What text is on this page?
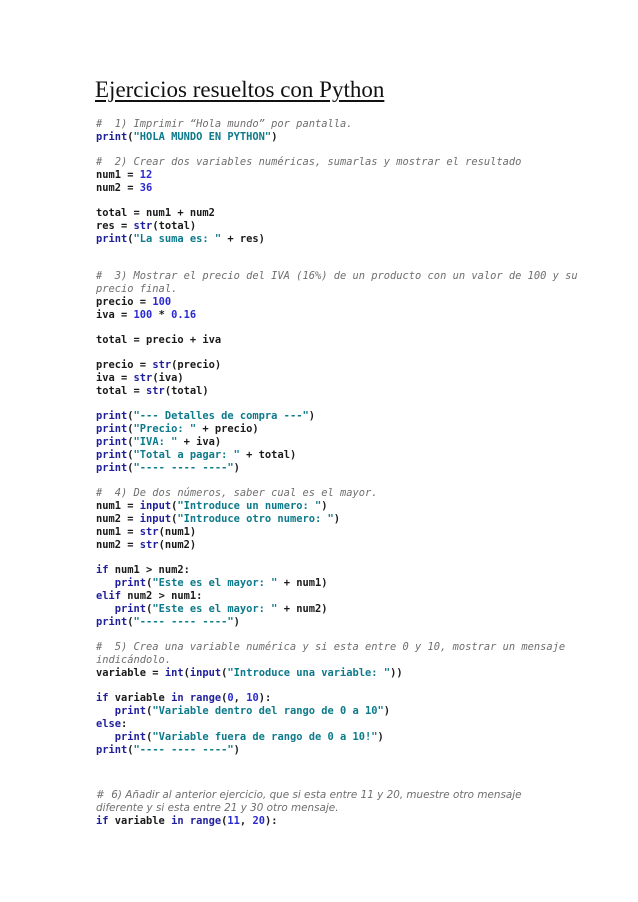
Ejercicios resueltos con Python
#  1) Imprimir “Hola mundo” por pantalla.
print("HOLA MUNDO EN PYTHON")
#  2) Crear dos variables numéricas, sumarlas y mostrar el resultado
num1 = 12
num2 = 36
total = num1 + num2
res = str(total)
print("La suma es: " + res)
#  3) Mostrar el precio del IVA (16%) de un producto con un valor de 100 y su
precio final.
precio = 100
iva = 100 * 0.16
total = precio + iva
precio = str(precio)
iva = str(iva)
total = str(total)
print("--- Detalles de compra ---")
print("Precio: " + precio)
print("IVA: " + iva)
print("Total a pagar: " + total)
print("---- ---- ----")
#  4) De dos números, saber cual es el mayor.
num1 = input("Introduce un numero: ")
num2 = input("Introduce otro numero: ")
num1 = str(num1)
num2 = str(num2)
if num1 > num2:
print("Este es el mayor: " + num1)
elif num2 > num1:
print("Este es el mayor: " + num2)
print("---- ---- ----")
#  5) Crea una variable numérica y si esta entre 0 y 10, mostrar un mensaje
indicándolo.
variable = int(input("Introduce una variable: "))
if variable in range(0, 10):
print("Variable dentro del rango de 0 a 10")
else:
print("Variable fuera de rango de 0 a 10!")
print("---- ---- ----")
#  6) Añadir al anterior ejercicio, que si esta entre 11 y 20, muestre otro mensaje
diferente y si esta entre 21 y 30 otro mensaje.
if variable in range(11, 20):
